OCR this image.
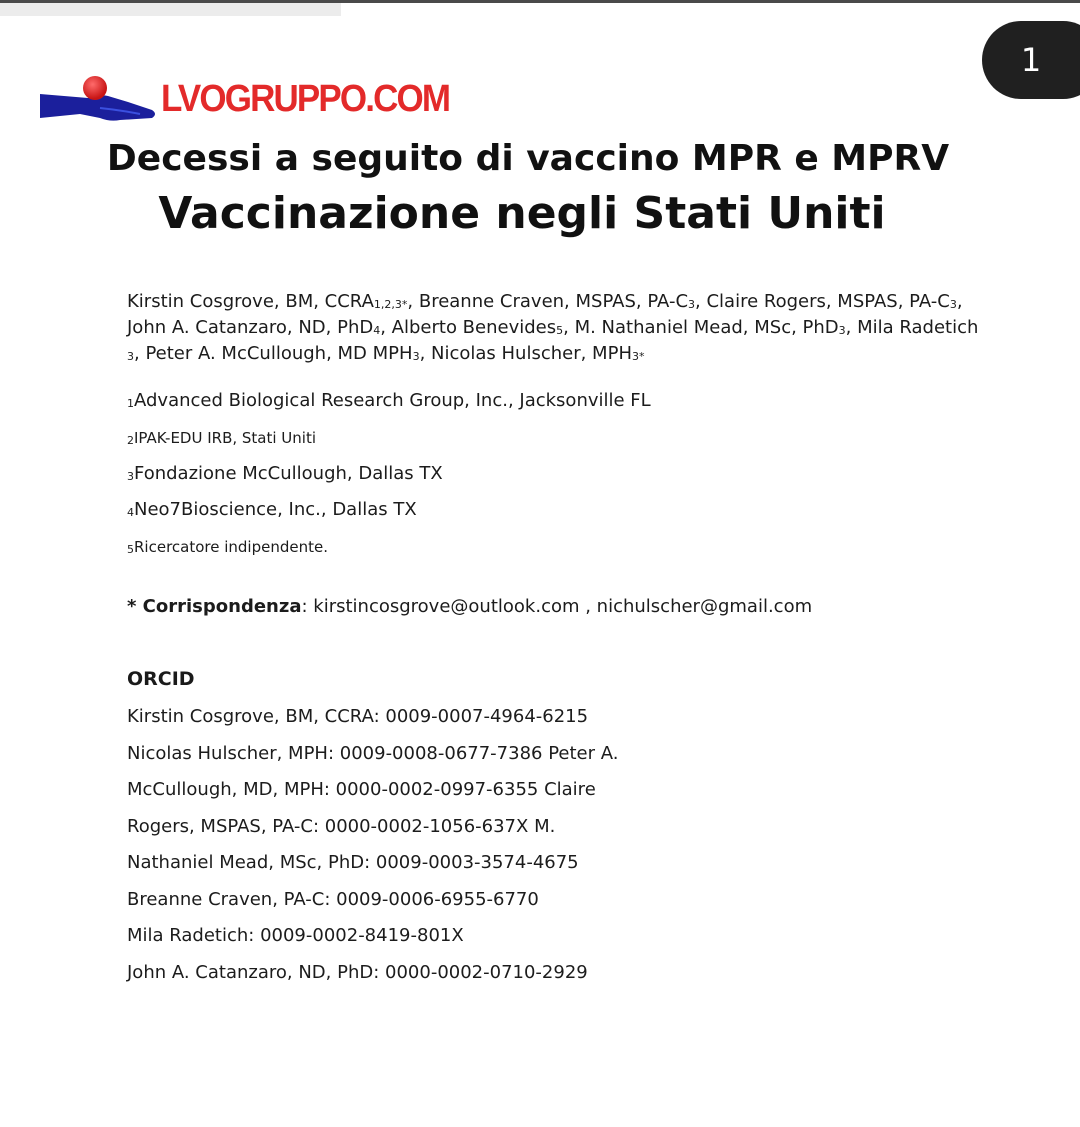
1
LVOGRUPPO.COM
Decessi a seguito di vaccino MPR e MPRV
Vaccinazione negli Stati Uniti
Kirstin Cosgrove, BM, $CCRA_{1,2,3*}$, Breanne Craven, MSPAS, $PA-C_3$, Claire Rogers, MSPAS, $PA-C_3$,
John A. Catanzaro, ND, PhD$_4$, Alberto Benevides$_5$, M. Nathaniel Mead, MSc, PhD$_3$, Mila Radetich
$_3$, Peter A. McCullough, MD $MPH_3$, Nicolas Hulscher, $MPH_{3*}$
$_1$Advanced Biological Research Group, Inc., Jacksonville FL
$_2$IPAK-EDU IRB, Stati Uniti
$_3$Fondazione McCullough, Dallas TX
$_4$Neo7Bioscience, Inc., Dallas TX
$_5$Ricercatore indipendente.
* Corrispondenza: kirstincosgrove@outlook.com , nichulscher@gmail.com
ORCID
Kirstin Cosgrove, BM, CCRA: 0009-0007-4964-6215
Nicolas Hulscher, MPH: 0009-0008-0677-7386 Peter A.
McCullough, MD, MPH: 0000-0002-0997-6355 Claire
Rogers, MSPAS, PA-C: 0000-0002-1056-637X M.
Nathaniel Mead, MSc, PhD: 0009-0003-3574-4675
Breanne Craven, PA-C: 0009-0006-6955-6770
Mila Radetich: 0009-0002-8419-801X
John A. Catanzaro, ND, PhD: 0000-0002-0710-2929
